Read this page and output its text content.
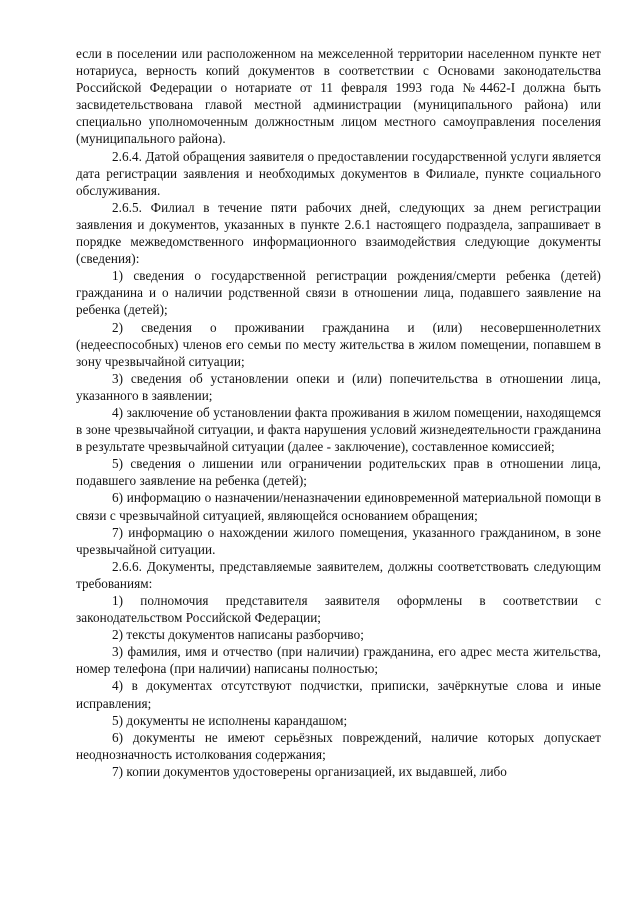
если в поселении или расположенном на межселенной территории населенном пункте нет нотариуса, верность копий документов в соответствии с Основами законодательства Российской Федерации о нотариате от 11 февраля 1993 года №4462-I должна быть засвидетельствована главой местной администрации (муниципального района) или специально уполномоченным должностным лицом местного самоуправления поселения (муниципального района).

2.6.4. Датой обращения заявителя о предоставлении государственной услуги является дата регистрации заявления и необходимых документов в Филиале, пункте социального обслуживания.

2.6.5. Филиал в течение пяти рабочих дней, следующих за днем регистрации заявления и документов, указанных в пункте 2.6.1 настоящего подраздела, запрашивает в порядке межведомственного информационного взаимодействия следующие документы (сведения):

1) сведения о государственной регистрации рождения/смерти ребенка (детей) гражданина и о наличии родственной связи в отношении лица, подавшего заявление на ребенка (детей);

2) сведения о проживании гражданина и (или) несовершеннолетних (недееспособных) членов его семьи по месту жительства в жилом помещении, попавшем в зону чрезвычайной ситуации;

3) сведения об установлении опеки и (или) попечительства в отношении лица, указанного в заявлении;

4) заключение об установлении факта проживания в жилом помещении, находящемся в зоне чрезвычайной ситуации, и факта нарушения условий жизнедеятельности гражданина в результате чрезвычайной ситуации (далее - заключение), составленное комиссией;

5) сведения о лишении или ограничении родительских прав в отношении лица, подавшего заявление на ребенка (детей);

6) информацию о назначении/неназначении единовременной материальной помощи в связи с чрезвычайной ситуацией, являющейся основанием обращения;

7) информацию о нахождении жилого помещения, указанного гражданином, в зоне чрезвычайной ситуации.

2.6.6. Документы, представляемые заявителем, должны соответствовать следующим требованиям:

1) полномочия представителя заявителя оформлены в соответствии с законодательством Российской Федерации;

2) тексты документов написаны разборчиво;

3) фамилия, имя и отчество (при наличии) гражданина, его адрес места жительства, номер телефона (при наличии) написаны полностью;

4) в документах отсутствуют подчистки, приписки, зачёркнутые слова и иные исправления;

5) документы не исполнены карандашом;

6) документы не имеют серьёзных повреждений, наличие которых допускает неоднозначность истолкования содержания;

7) копии документов удостоверены организацией, их выдавшей, либо
